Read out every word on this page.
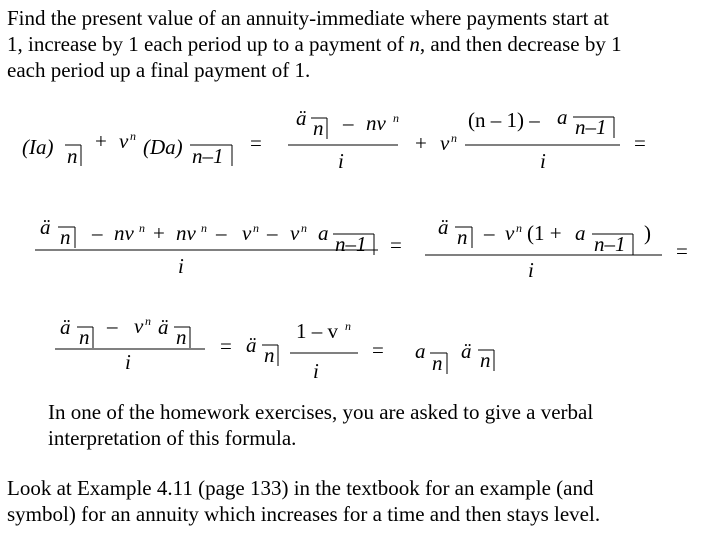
Find the present value of an annuity-immediate where payments start at
1, increase by 1 each period up to a payment of n, and then decrease by 1
each period up a final payment of 1.
(Ia) n
+ v n (Da) n–1
=
ä n – nv n
i
+ v n
(n – 1) – a n–1
i
=
ä n – nv n + nv n – v n – v n a n–1
i
=
ä n – v n (1 + a n–1 )
i
=
ä n – v n ä n
i
= ä n
1 – v n
i
= a n ä n
In one of the homework exercises, you are asked to give a verbal
interpretation of this formula.
Look at Example 4.11 (page 133) in the textbook for an example (and
symbol) for an annuity which increases for a time and then stays level.
